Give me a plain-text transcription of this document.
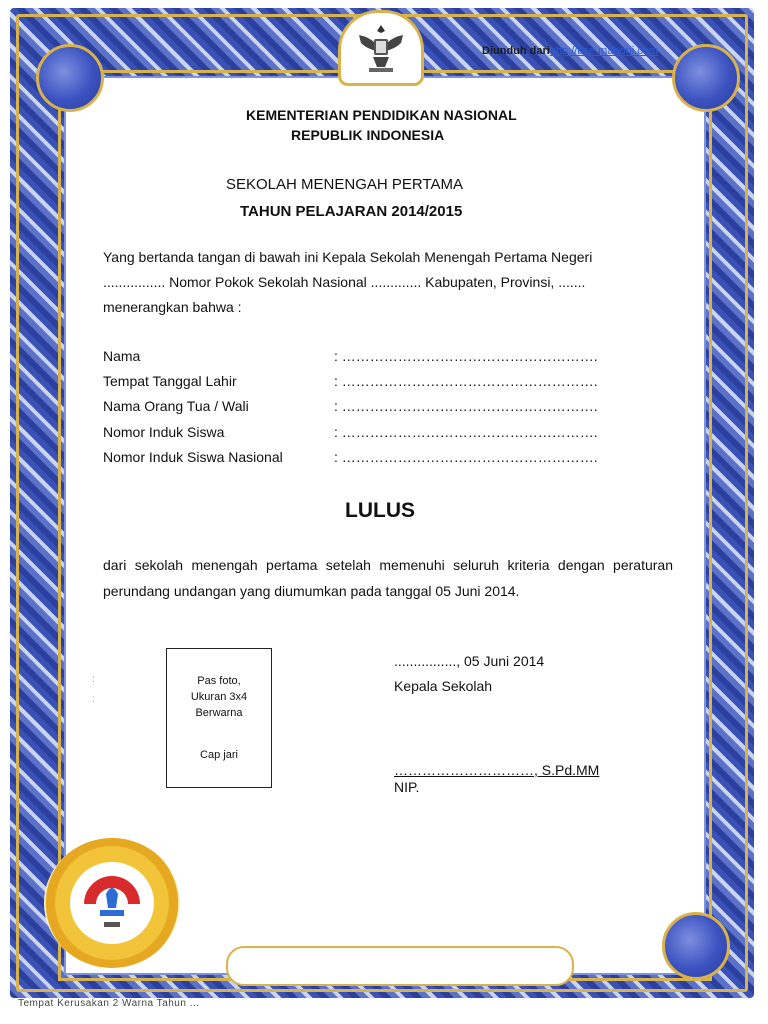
Diunduh darihttp://bse.mahoni.com
KEMENTERIAN PENDIDIKAN NASIONAL
REPUBLIK INDONESIA
SEKOLAH MENENGAH PERTAMA
TAHUN PELAJARAN 2014/2015
Yang bertanda tangan di bawah ini Kepala Sekolah Menengah Pertama Negeri
................ Nomor Pokok Sekolah Nasional ............. Kabupaten, Provinsi, .......
menerangkan bahwa :
Nama	: ……………………………………………….
Tempat Tanggal Lahir	: ……………………………………………….
Nama Orang Tua / Wali	: ……………………………………………….
Nomor Induk Siswa	: ……………………………………………….
Nomor Induk Siswa Nasional	: ……………………………………………….
LULUS
dari sekolah menengah pertama setelah memenuhi seluruh kriteria dengan peraturan perundang undangan yang diumumkan pada tanggal 05 Juni 2014.
Pas foto,
Ukuran 3x4
Berwarna
Cap jari
:
:
................, 05 Juni 2014
Kepala Sekolah
…………………………, S.Pd.MM
NIP.
Tempat Kerusakan 2 Warna Tahun ...
